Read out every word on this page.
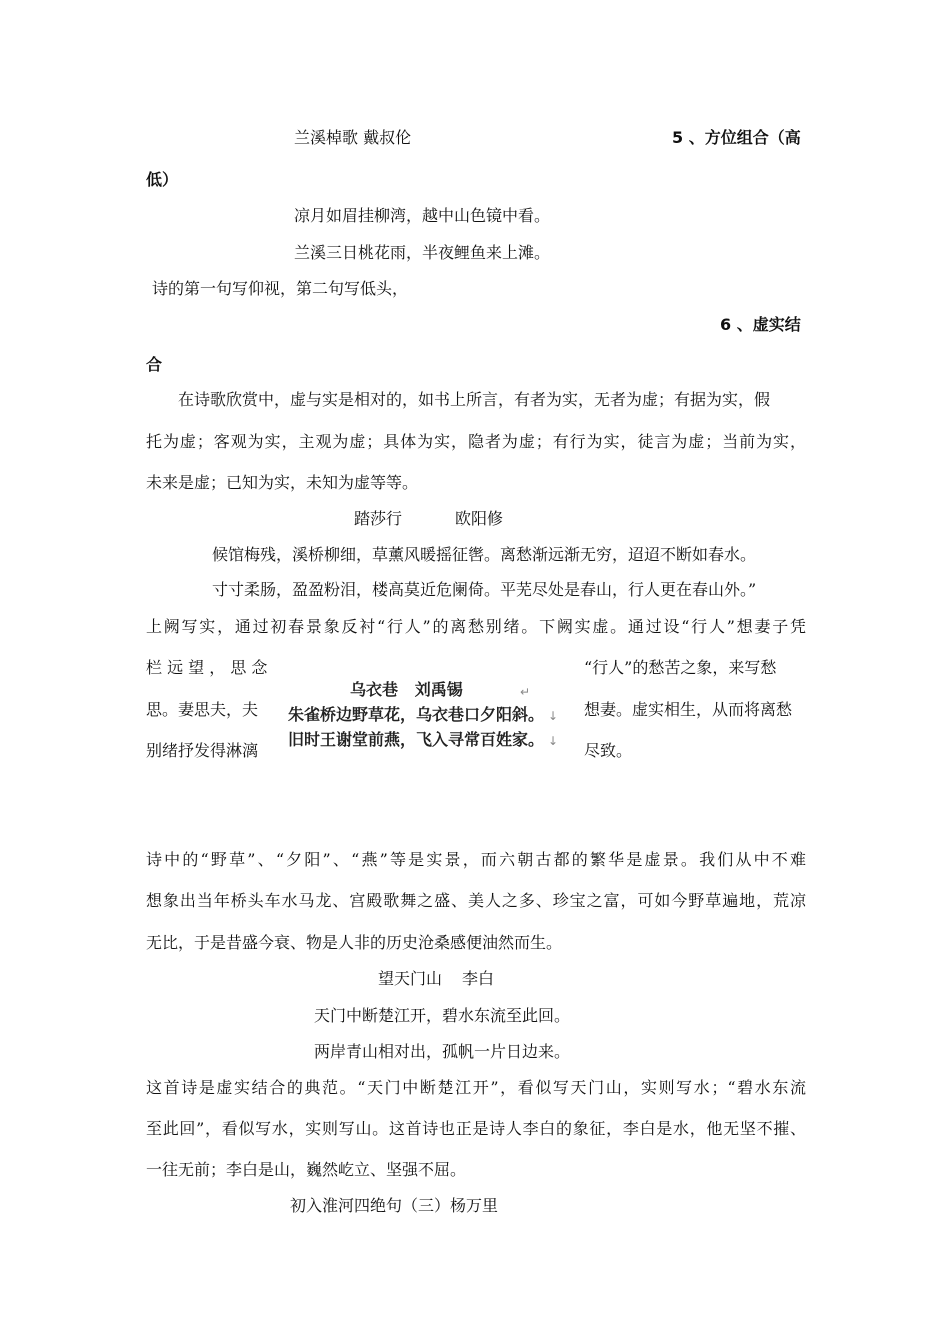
兰溪棹歌 戴叔伦	5 、方位组合（高
低）
凉月如眉挂柳湾，越中山色镜中看。
兰溪三日桃花雨，半夜鲤鱼来上滩。
诗的第一句写仰视，第二句写低头，
6 、虚实结
合
在诗歌欣赏中，虚与实是相对的，如书上所言，有者为实，无者为虚；有据为实，假
托为虚；客观为实，主观为虚；具体为实，隐者为虚；有行为实，徒言为虚；当前为实，
未来是虚；已知为实，未知为虚等等。
踏莎行	欧阳修
候馆梅残，溪桥柳细，草薰风暖摇征辔。离愁渐远渐无穷，迢迢不断如春水。
寸寸柔肠，盈盈粉泪，楼高莫近危阑倚。平芜尽处是春山，行人更在春山外。”
上阙写实，通过初春景象反衬“行人”的离愁别绪。下阙实虚。通过设“行人”想妻子凭
栏 远 望 ， 思 念	“行人”的愁苦之象，来写愁
思。妻思夫，夫	想妻。虚实相生，从而将离愁
别绪抒发得淋漓	尽致。
乌衣巷 刘禹锡	↵
朱雀桥边野草花，乌衣巷口夕阳斜。 ↓
旧时王谢堂前燕，飞入寻常百姓家。 ↓
诗中的“野草”、“夕阳”、“燕”等是实景，而六朝古都的繁华是虚景。我们从中不难
想象出当年桥头车水马龙、宫殿歌舞之盛、美人之多、珍宝之富，可如今野草遍地，荒凉
无比，于是昔盛今衰、物是人非的历史沧桑感便油然而生。
望天门山 李白
天门中断楚江开，碧水东流至此回。
两岸青山相对出，孤帆一片日边来。
这首诗是虚实结合的典范。“天门中断楚江开”，看似写天门山，实则写水；“碧水东流
至此回”，看似写水，实则写山。这首诗也正是诗人李白的象征，李白是水，他无坚不摧、
一往无前；李白是山，巍然屹立、坚强不屈。
初入淮河四绝句（三）杨万里
